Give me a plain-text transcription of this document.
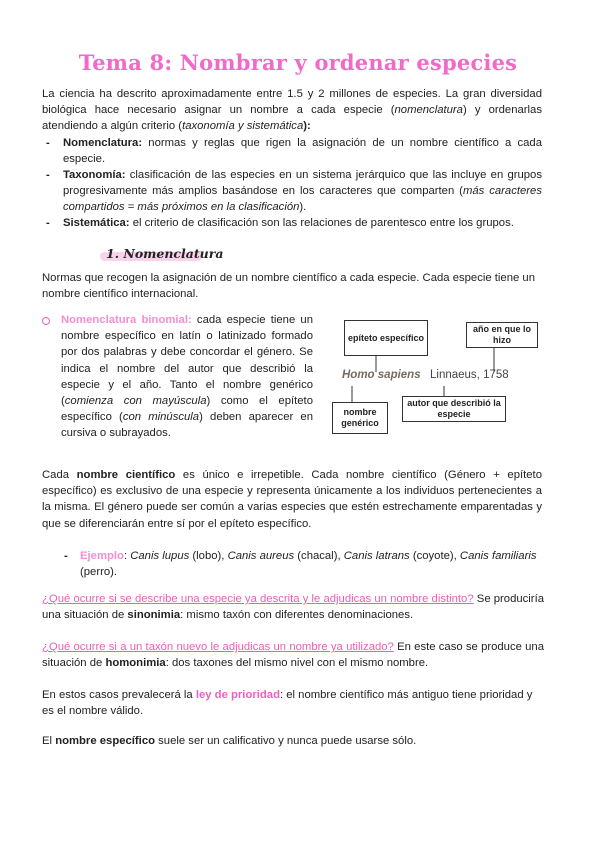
Tema 8: Nombrar y ordenar especies
La ciencia ha descrito aproximadamente entre 1.5 y 2 millones de especies. La gran diversidad biológica hace necesario asignar un nombre a cada especie (nomenclatura) y ordenarlas atendiendo a algún criterio (taxonomía y sistemática):
- Nomenclatura: normas y reglas que rigen la asignación de un nombre científico a cada especie.
- Taxonomía: clasificación de las especies en un sistema jerárquico que las incluye en grupos progresivamente más amplios basándose en los caracteres que comparten (más caracteres compartidos = más próximos en la clasificación).
- Sistemática: el criterio de clasificación son las relaciones de parentesco entre los grupos.
1. Nomenclatura
Normas que recogen la asignación de un nombre científico a cada especie. Cada especie tiene un nombre científico internacional.
Nomenclatura binomial: cada especie tiene un nombre específico en latín o latinizado formado por dos palabras y debe concordar el género. Se indica el nombre del autor que describió la especie y el año. Tanto el nombre genérico (comienza con mayúscula) como el epíteto específico (con minúscula) deben aparecer en cursiva o subrayados.
epíteto específico
año en que lo hizo
Homo sapiens Linnaeus, 1758
nombre genérico
autor que describió la especie
Cada nombre científico es único e irrepetible. Cada nombre científico (Género + epíteto específico) es exclusivo de una especie y representa únicamente a los individuos pertenecientes a la misma. El género puede ser común a varias especies que estén estrechamente emparentadas y que se diferenciarán entre sí por el epíteto específico.
- Ejemplo: Canis lupus (lobo), Canis aureus (chacal), Canis latrans (coyote), Canis familiaris (perro).
¿Qué ocurre si se describe una especie ya descrita y le adjudicas un nombre distinto? Se produciría una situación de sinonimia: mismo taxón con diferentes denominaciones.
¿Qué ocurre si a un taxón nuevo le adjudicas un nombre ya utilizado? En este caso se produce una situación de homonimia: dos taxones del mismo nivel con el mismo nombre.
En estos casos prevalecerá la ley de prioridad: el nombre científico más antiguo tiene prioridad y es el nombre válido.
El nombre específico suele ser un calificativo y nunca puede usarse sólo.
